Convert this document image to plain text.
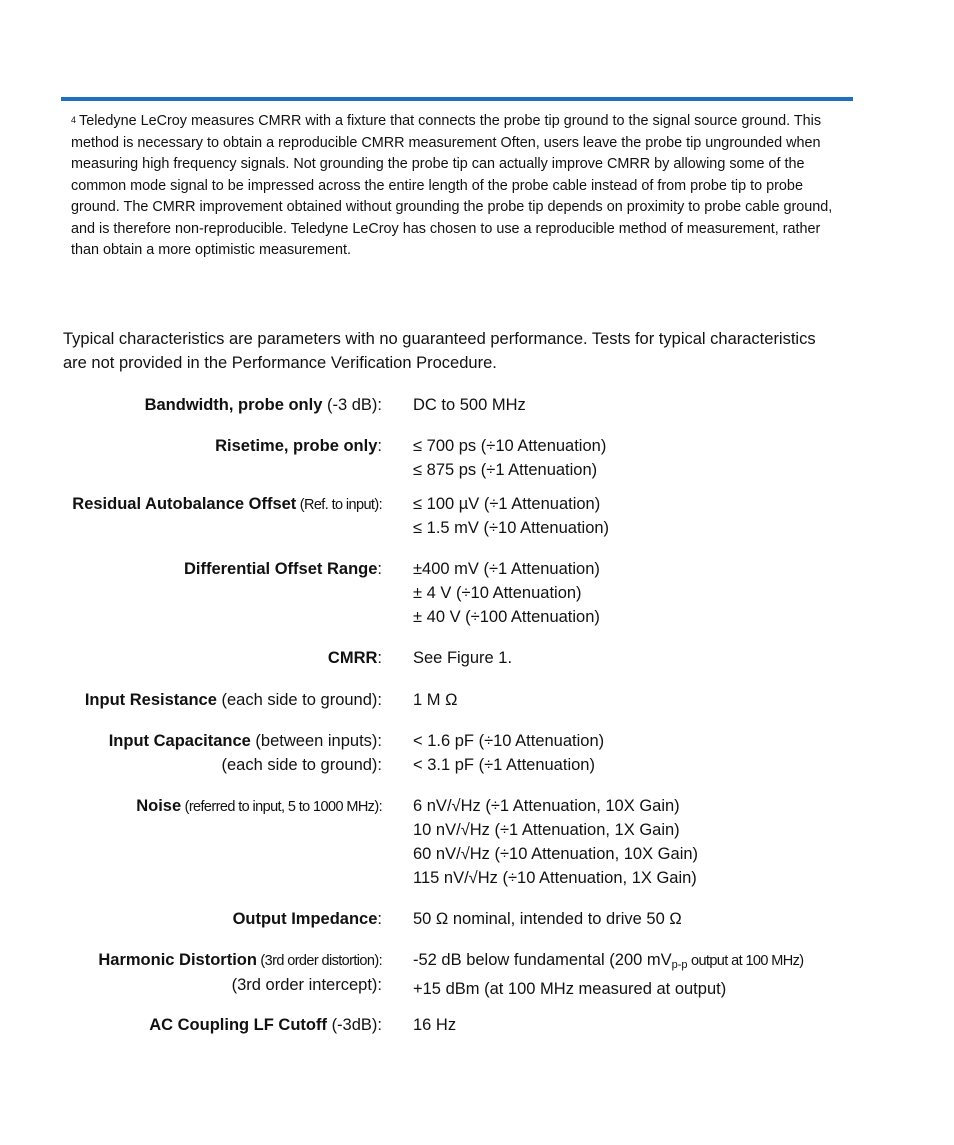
$^4$ Teledyne LeCroy measures CMRR with a fixture that connects the probe tip ground to the signal source ground. This method is necessary to obtain a reproducible CMRR measurement Often, users leave the probe tip ungrounded when measuring high frequency signals. Not grounding the probe tip can actually improve CMRR by allowing some of the common mode signal to be impressed across the entire length of the probe cable instead of from probe tip to probe ground. The CMRR improvement obtained without grounding the probe tip depends on proximity to probe cable ground, and is therefore non-reproducible. Teledyne LeCroy has chosen to use a reproducible method of measurement, rather than obtain a more optimistic measurement.
Typical characteristics are parameters with no guaranteed performance. Tests for typical characteristics are not provided in the Performance Verification Procedure.
Bandwidth, probe only (-3 dB): DC to 500 MHz
Risetime, probe only: ≤ 700 ps (÷10 Attenuation)
≤ 875 ps (÷1 Attenuation)
Residual Autobalance Offset (Ref. to input): ≤ 100 µV (÷1 Attenuation)
≤ 1.5 mV (÷10 Attenuation)
Differential Offset Range: ±400 mV (÷1 Attenuation)
± 4 V (÷10 Attenuation)
± 40 V (÷100 Attenuation)
CMRR: See Figure 1.
Input Resistance (each side to ground): 1 M Ω
Input Capacitance (between inputs):
(each side to ground):
< 1.6 pF (÷10 Attenuation)
< 3.1 pF (÷1 Attenuation)
Noise (referred to input, 5 to 1000 MHz): 6 nV/√Hz (÷1 Attenuation, 10X Gain)
10 nV/√Hz (÷1 Attenuation, 1X Gain)
60 nV/√Hz (÷10 Attenuation, 10X Gain)
115 nV/√Hz (÷10 Attenuation, 1X Gain)
Output Impedance: 50 Ω nominal, intended to drive 50 Ω
Harmonic Distortion (3rd order distortion):
(3rd order intercept):
-52 dB below fundamental (200 $mV_{p-p}$ output at 100 MHz)
+15 dBm (at 100 MHz measured at output)
AC Coupling LF Cutoff (-3dB): 16 Hz
